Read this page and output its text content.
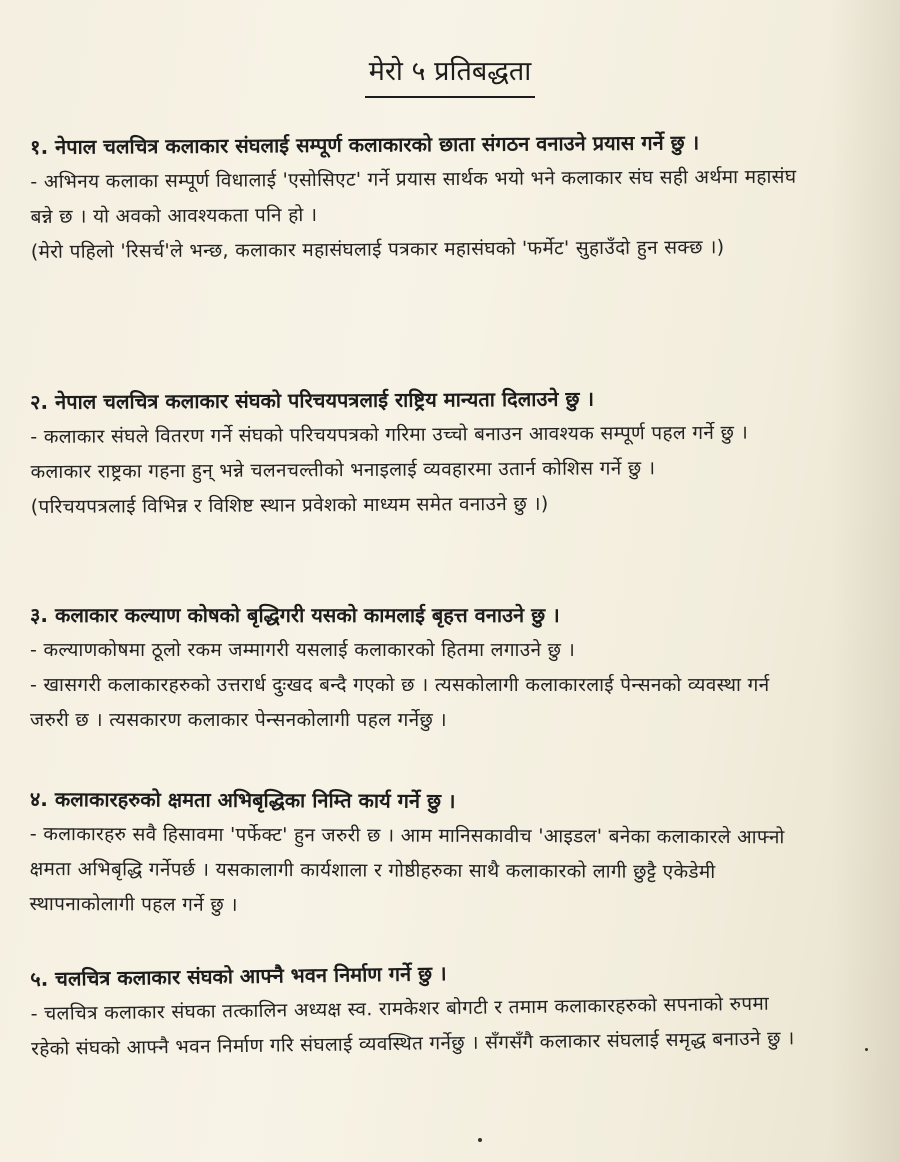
मेरो ५ प्रतिबद्धता

१. नेपाल चलचित्र कलाकार संघलाई सम्पूर्ण कलाकारको छाता संगठन वनाउने प्रयास गर्ने छु ।

- अभिनय कलाका सम्पूर्ण विधालाई 'एसोसिएट' गर्ने प्रयास सार्थक भयो भने कलाकार संघ सही अर्थमा महासंघ बन्ने छ । यो अवको आवश्यकता पनि हो ।

(मेरो पहिलो 'रिसर्च'ले भन्छ, कलाकार महासंघलाई पत्रकार महासंघको 'फर्मेट' सुहाउँदो हुन सक्छ ।)

२. नेपाल चलचित्र कलाकार संघको परिचयपत्रलाई राष्ट्रिय मान्यता दिलाउने छु ।

- कलाकार संघले वितरण गर्ने संघको परिचयपत्रको गरिमा उच्चो बनाउन आवश्यक सम्पूर्ण पहल गर्ने छु । कलाकार राष्ट्रका गहना हुन् भन्ने चलनचल्तीको भनाइलाई व्यवहारमा उतार्न कोशिस गर्ने छु ।

(परिचयपत्रलाई विभिन्न र विशिष्ट स्थान प्रवेशको माध्यम समेत वनाउने छु ।)

३. कलाकार कल्याण कोषको बृद्धिगरी यसको कामलाई बृहत्त वनाउने छु ।

- कल्याणकोषमा ठूलो रकम जम्मागरी यसलाई कलाकारको हितमा लगाउने छु ।

- खासगरी कलाकारहरुको उत्तरार्ध दुःखद बन्दै गएको छ । त्यसकोलागी कलाकारलाई पेन्सनको व्यवस्था गर्न जरुरी छ । त्यसकारण कलाकार पेन्सनकोलागी पहल गर्नेछु ।

४. कलाकारहरुको क्षमता अभिबृद्धिका निम्ति कार्य गर्ने छु ।

- कलाकारहरु सवै हिसावमा 'पर्फेक्ट' हुन जरुरी छ । आम मानिसकावीच 'आइडल' बनेका कलाकारले आफ्नो क्षमता अभिबृद्धि गर्नेपर्छ । यसकालागी कार्यशाला र गोष्ठीहरुका साथै कलाकारको लागी छुट्टै एकेडेमी स्थापनाकोलागी पहल गर्ने छु ।

५. चलचित्र कलाकार संघको आफ्नै भवन निर्माण गर्ने छु ।

- चलचित्र कलाकार संघका तत्कालिन अध्यक्ष स्व. रामकेशर बोगटी र तमाम कलाकारहरुको सपनाको रुपमा रहेको संघको आफ्नै भवन निर्माण गरि संघलाई व्यवस्थित गर्नेछु । सँगसँगै कलाकार संघलाई समृद्ध बनाउने छु ।
